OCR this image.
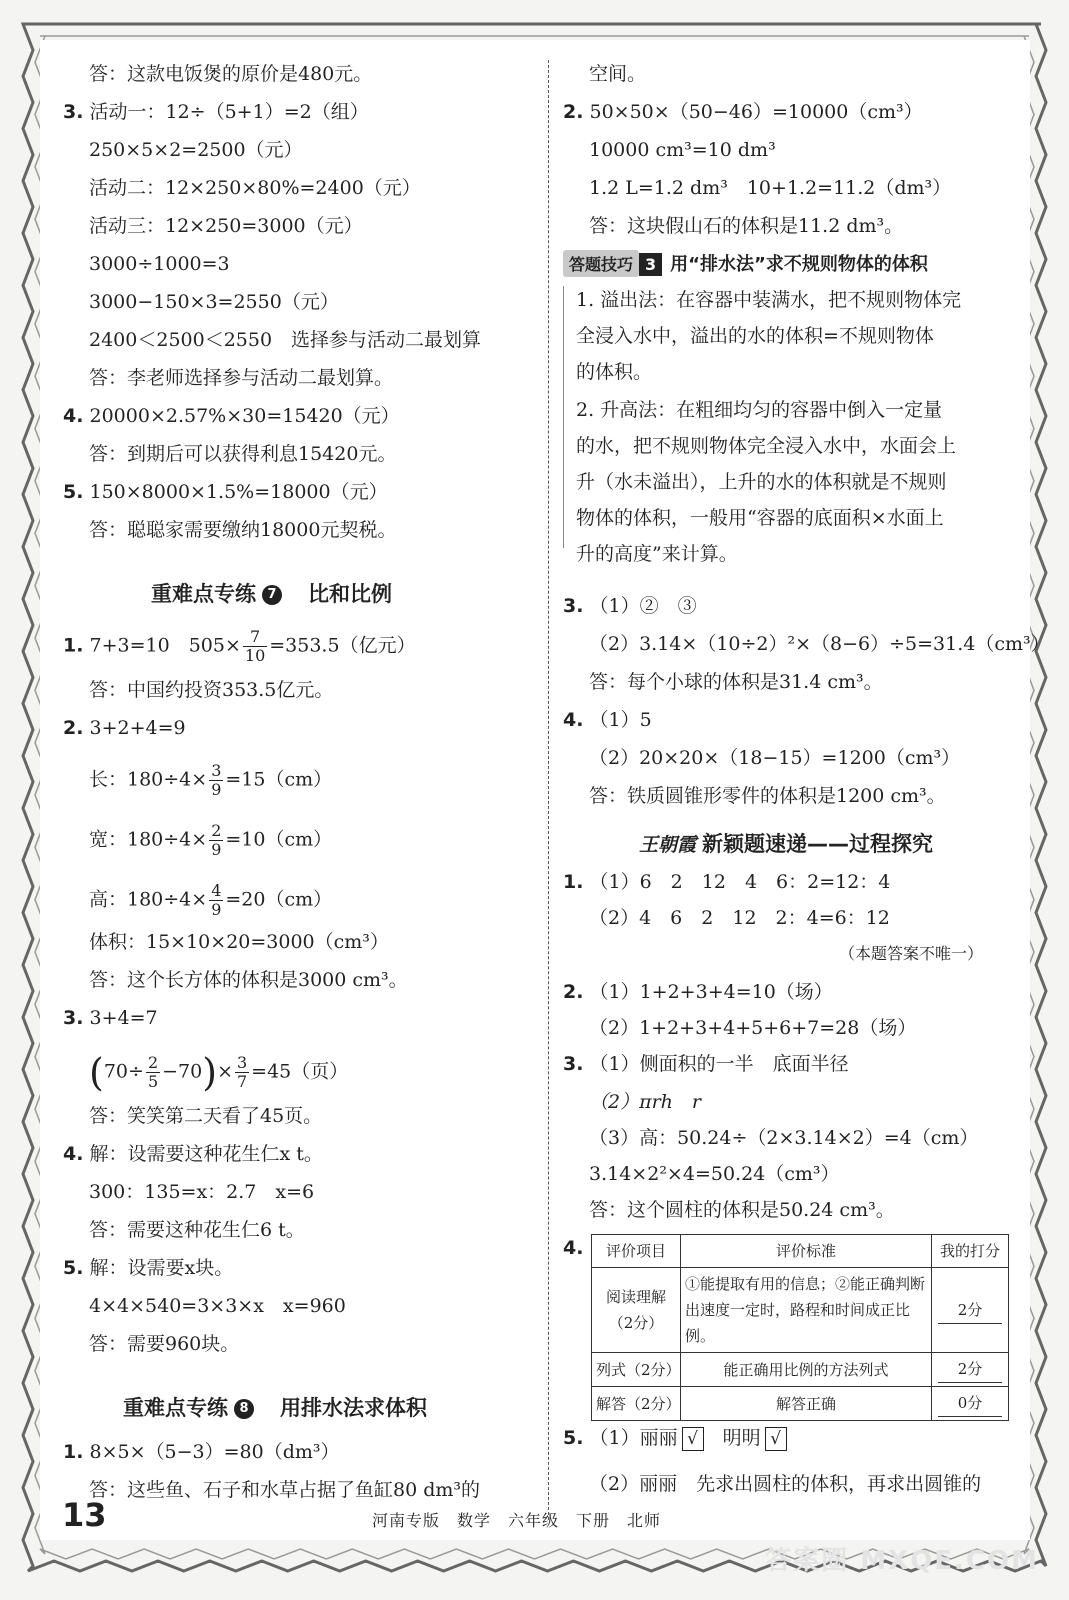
答：这款电饭煲的原价是480元。
3. 活动一：12÷（5+1）=2（组）
250×5×2=2500（元）
活动二：12×250×80%=2400（元）
活动三：12×250=3000（元）
3000÷1000=3
3000−150×3=2550（元）
2400＜2500＜2550　选择参与活动二最划算
答：李老师选择参与活动二最划算。
4. 20000×2.57%×30=15420（元）
答：到期后可以获得利息15420元。
5. 150×8000×1.5%=18000（元）
答：聪聪家需要缴纳18000元契税。
重难点专练 7 比和比例
1. 7+3=10　$505\times \frac{7}{10} =353.5$（亿元）
答：中国约投资353.5亿元。
2. 3+2+4=9
长：$180\div 4\times \frac{3}{9} =15(cm)$
宽：$180\div 4\times \frac{2}{9} =10(cm)$
高：$180\div 4\times \frac{4}{9} =20(cm)$
体积：15×10×20=3000（cm³）
答：这个长方体的体积是3000 cm³。
3. 3+4=7
$(70\div \frac{2}{5} -70)\times \frac{3}{7} =45$（页）
答：笑笑第二天看了45页。
4. 解：设需要这种花生仁x t。
300：135=x：2.7　x=6
答：需要这种花生仁6 t。
5. 解：设需要x块。
4×4×540=3×3×x　x=960
答：需要960块。
重难点专练 8 用排水法求体积
1. 8×5×（5−3）=80（dm³）
答：这些鱼、石子和水草占据了鱼缸80 dm³的
空间。
2. 50×50×（50−46）=10000（cm³）
10000 cm³=10 dm³
1.2 L=1.2 dm³　10+1.2=11.2（dm³）
答：这块假山石的体积是11.2 dm³。
答题技巧 3 用“排水法”求不规则物体的体积
1. 溢出法：在容器中装满水，把不规则物体完
全浸入水中，溢出的水的体积=不规则物体
的体积。
2. 升高法：在粗细均匀的容器中倒入一定量
的水，把不规则物体完全浸入水中，水面会上
升（水未溢出），上升的水的体积就是不规则
物体的体积，一般用“容器的底面积×水面上
升的高度”来计算。
3. （1）②　③
（2）3.14×（10÷2）²×（8−6）÷5=31.4（cm³）
答：每个小球的体积是31.4 cm³。
4. （1）5
（2）20×20×（18−15）=1200（cm³）
答：铁质圆锥形零件的体积是1200 cm³。
王朝霞 新颖题速递——过程探究
1. （1）6　2　12　4　6：2=12：4
（2）4　6　2　12　2：4=6：12
（本题答案不唯一）
2. （1）1+2+3+4=10（场）
（2）1+2+3+4+5+6+7=28（场）
3. （1）侧面积的一半　底面半径
（2）πrh　r
（3）高：50.24÷（2×3.14×2）=4（cm）
3.14×2²×4=50.24（cm³）
答：这个圆柱的体积是50.24 cm³。
4. 评价项目	评价标准	我的打分
阅读理解（2分）	①能提取有用的信息；②能正确判断出速度一定时，路程和时间成正比例。	2分
列式（2分）	能正确用比例的方法列式	2分
解答（2分）	解答正确	0分
5. （1）丽丽 √　 明明 √
（2）丽丽　先求出圆柱的体积，再求出圆锥的
13	河南专版　数学　六年级　下册　北师
答案圈 MXQE.COM
